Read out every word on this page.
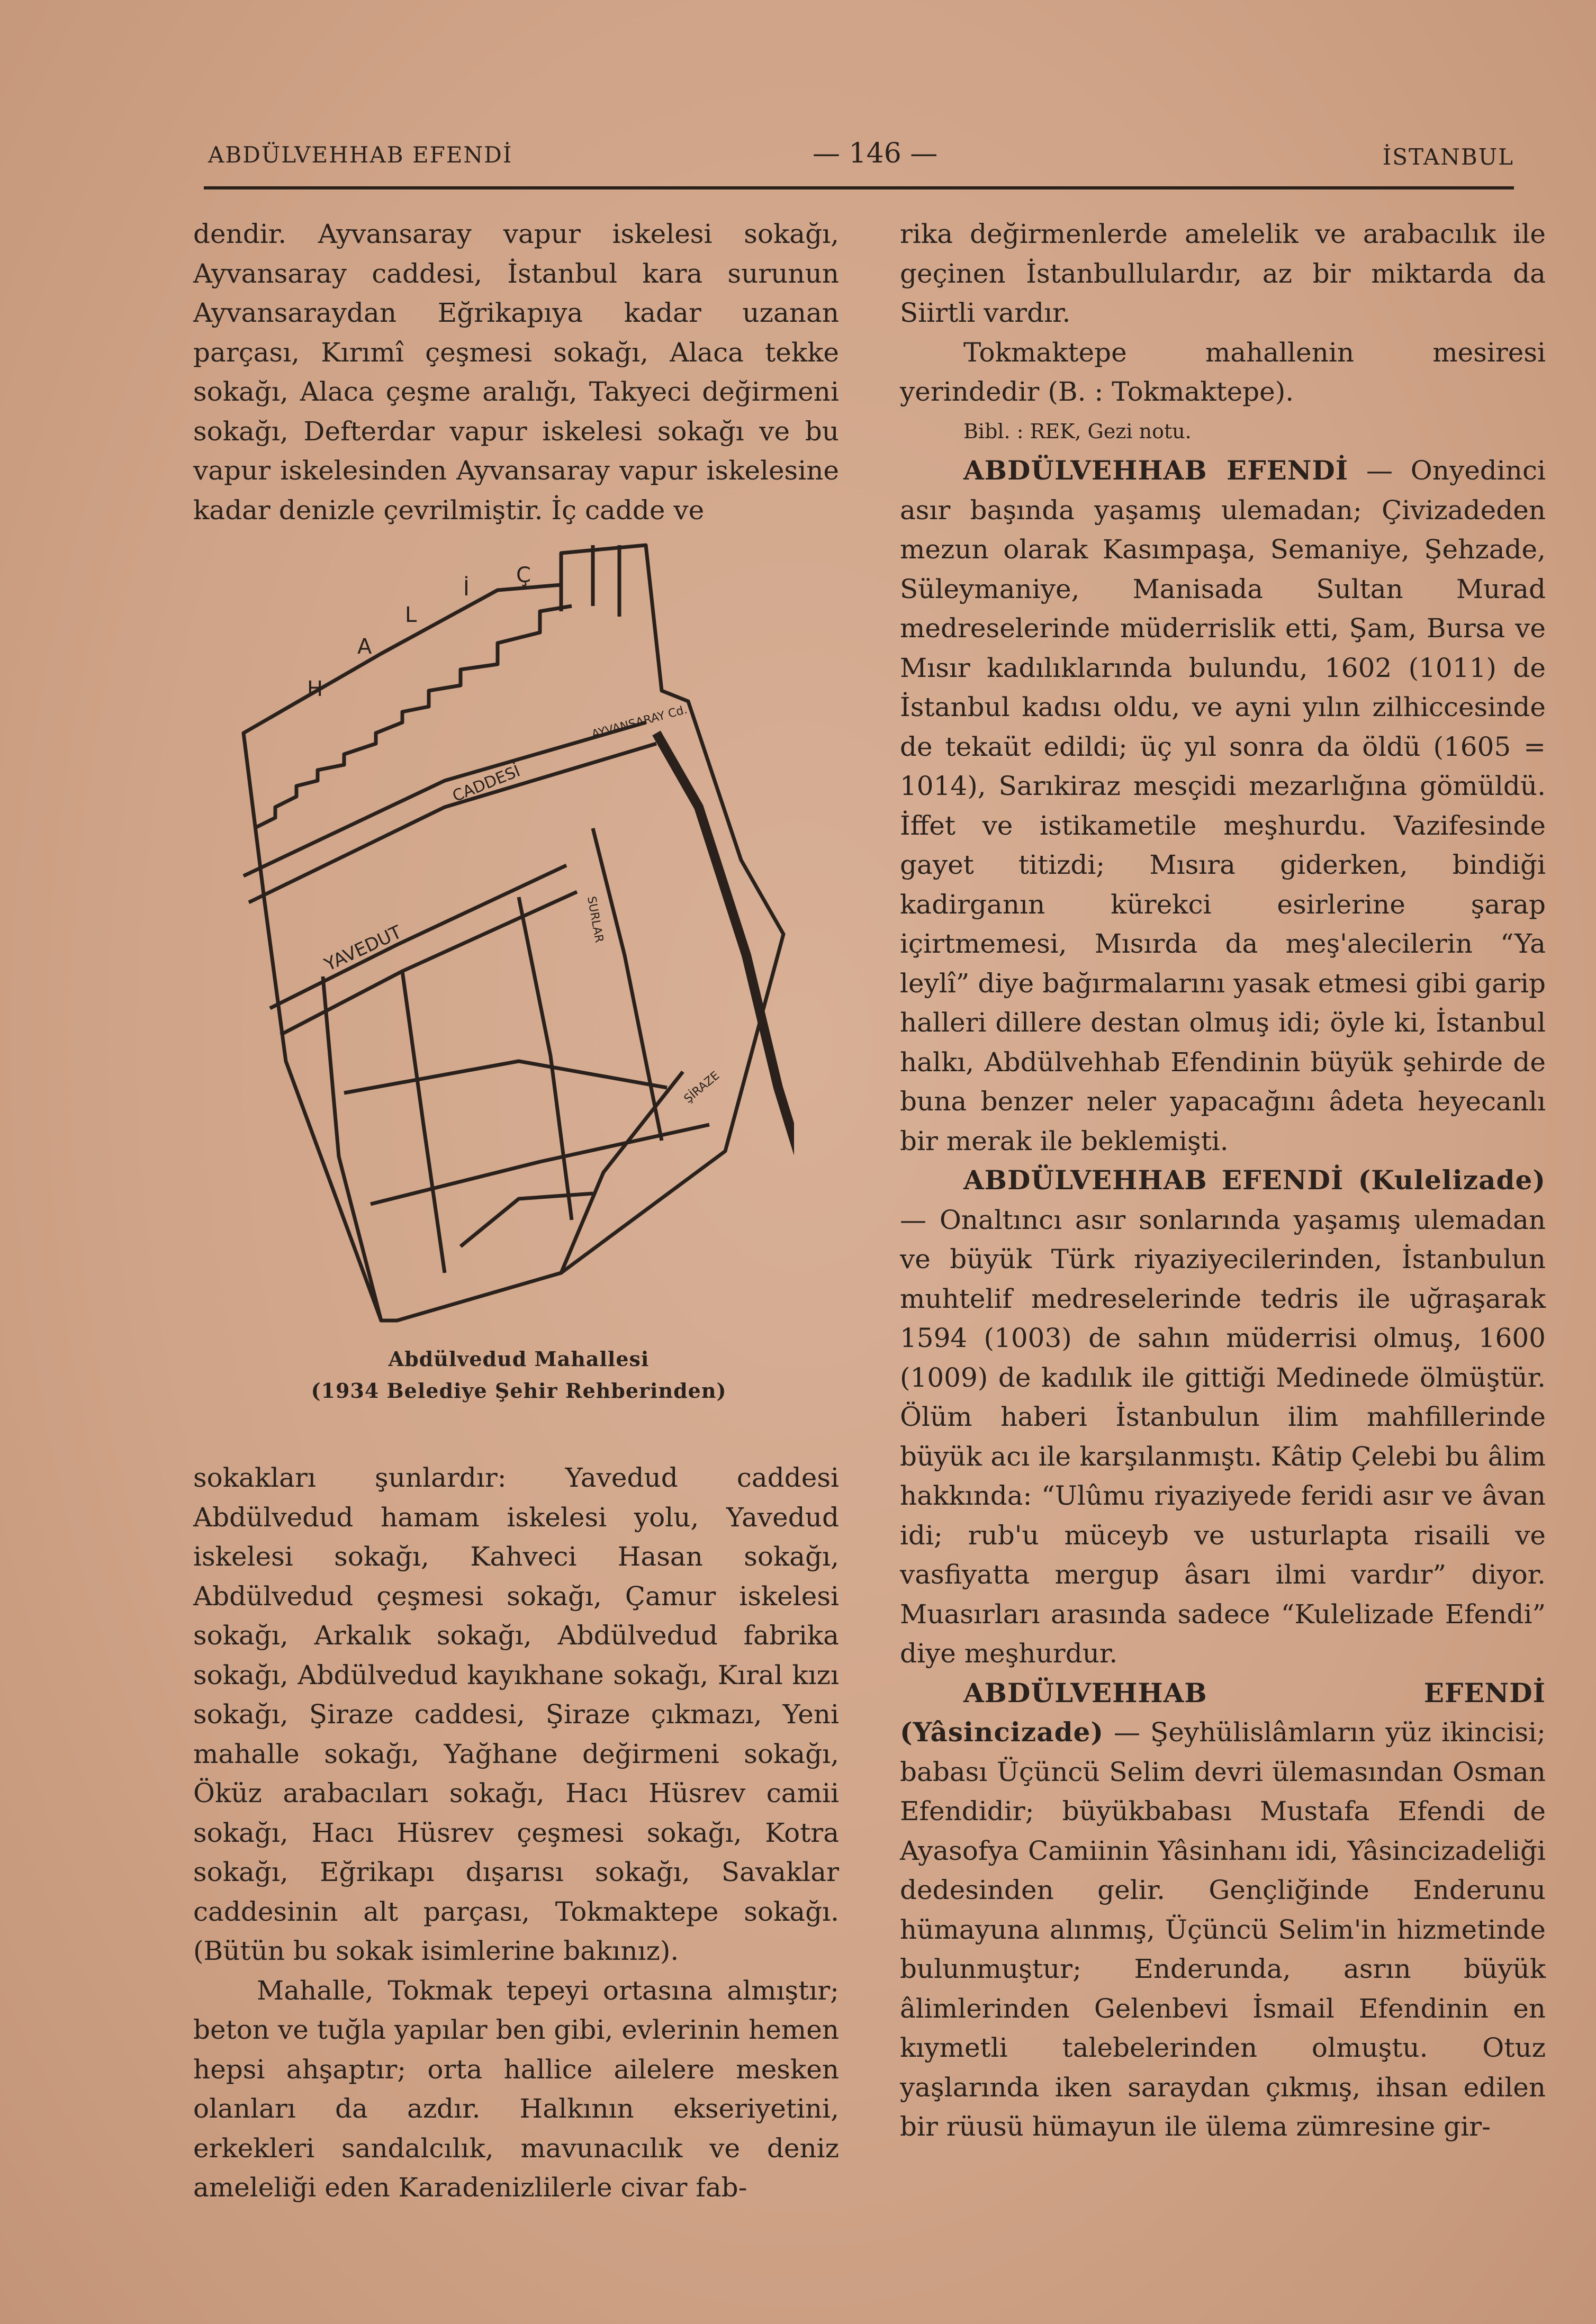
ABDÜLVEHHAB EFENDİ	— 146 —	İSTANBUL

dendir. Ayvansaray vapur iskelesi sokağı, Ayvansaray caddesi, İstanbul kara surunun Ayvansaraydan Eğrikapıya kadar uzanan parçası, Kırımî çeşmesi sokağı, Alaca tekke sokağı, Alaca çeşme aralığı, Takyeci değirmeni sokağı, Defterdar vapur iskelesi sokağı ve bu vapur iskelesinden Ayvansaray vapur iskelesine kadar denizle çevrilmiştir. İç cadde ve

H A L İ Ç
AYVANSARAY Cd.
CADDESİ
YAVEDUT
SURLAR
ŞİRAZE
Abdülvedud Mahallesi
(1934 Belediye Şehir Rehberinden)

sokakları şunlardır: Yavedud caddesi Abdülvedud hamam iskelesi yolu, Yavedud iskelesi sokağı, Kahveci Hasan sokağı, Abdülvedud çeşmesi sokağı, Çamur iskelesi sokağı, Arkalık sokağı, Abdülvedud fabrika sokağı, Abdülvedud kayıkhane sokağı, Kıral kızı sokağı, Şiraze caddesi, Şiraze çıkmazı, Yeni mahalle sokağı, Yağhane değirmeni sokağı, Öküz arabacıları sokağı, Hacı Hüsrev camii sokağı, Hacı Hüsrev çeşmesi sokağı, Kotra sokağı, Eğrikapı dışarısı sokağı, Savaklar caddesinin alt parçası, Tokmaktepe sokağı. (Bütün bu sokak isimlerine bakınız).

Mahalle, Tokmak tepeyi ortasına almıştır; beton ve tuğla yapılar ben gibi, evlerinin hemen hepsi ahşaptır; orta hallice ailelere mesken olanları da azdır. Halkının ekseriyetini, erkekleri sandalcılık, mavunacılık ve deniz ameleliği eden Karadenizlilerle civar fab-

rika değirmenlerde amelelik ve arabacılık ile geçinen İstanbullulardır, az bir miktarda da Siirtli vardır.

Tokmaktepe mahallenin mesiresi yerindedir (B. : Tokmaktepe).

Bibl. : REK, Gezi notu.

ABDÜLVEHHAB EFENDİ — Onyedinci asır başında yaşamış ulemadan; Çivizadeden mezun olarak Kasımpaşa, Semaniye, Şehzade, Süleymaniye, Manisada Sultan Murad medreselerinde müderrislik etti, Şam, Bursa ve Mısır kadılıklarında bulundu, 1602 (1011) de İstanbul kadısı oldu, ve ayni yılın zilhiccesinde de tekaüt edildi; üç yıl sonra da öldü (1605 = 1014), Sarıkiraz mesçidi mezarlığına gömüldü. İffet ve istikametile meşhurdu. Vazifesinde gayet titizdi; Mısıra giderken, bindiği kadirganın kürekci esirlerine şarap içirtmemesi, Mısırda da meş'alecilerin “Ya leylî” diye bağırmalarını yasak etmesi gibi garip halleri dillere destan olmuş idi; öyle ki, İstanbul halkı, Abdülvehhab Efendinin büyük şehirde de buna benzer neler yapacağını âdeta heyecanlı bir merak ile beklemişti.

ABDÜLVEHHAB EFENDİ (Kulelizade) — Onaltıncı asır sonlarında yaşamış ulemadan ve büyük Türk riyaziyecilerinden, İstanbulun muhtelif medreselerinde tedris ile uğraşarak 1594 (1003) de sahın müderrisi olmuş, 1600 (1009) de kadılık ile gittiği Medinede ölmüştür. Ölüm haberi İstanbulun ilim mahfillerinde büyük acı ile karşılanmıştı. Kâtip Çelebi bu âlim hakkında: “Ulûmu riyaziyede feridi asır ve âvan idi; rub'u müceyb ve usturlapta risaili ve vasfiyatta mergup âsarı ilmi vardır” diyor. Muasırları arasında sadece “Kulelizade Efendi” diye meşhurdur.

ABDÜLVEHHAB EFENDİ (Yâsincizade) — Şeyhülislâmların yüz ikincisi; babası Üçüncü Selim devri ülemasından Osman Efendidir; büyükbabası Mustafa Efendi de Ayasofya Camiinin Yâsinhanı idi, Yâsincizadeliği dedesinden gelir. Gençliğinde Enderunu hümayuna alınmış, Üçüncü Selim'in hizmetinde bulunmuştur; Enderunda, asrın büyük âlimlerinden Gelenbevi İsmail Efendinin en kıymetli talebelerinden olmuştu. Otuz yaşlarında iken saraydan çıkmış, ihsan edilen bir rüusü hümayun ile ülema zümresine gir-
